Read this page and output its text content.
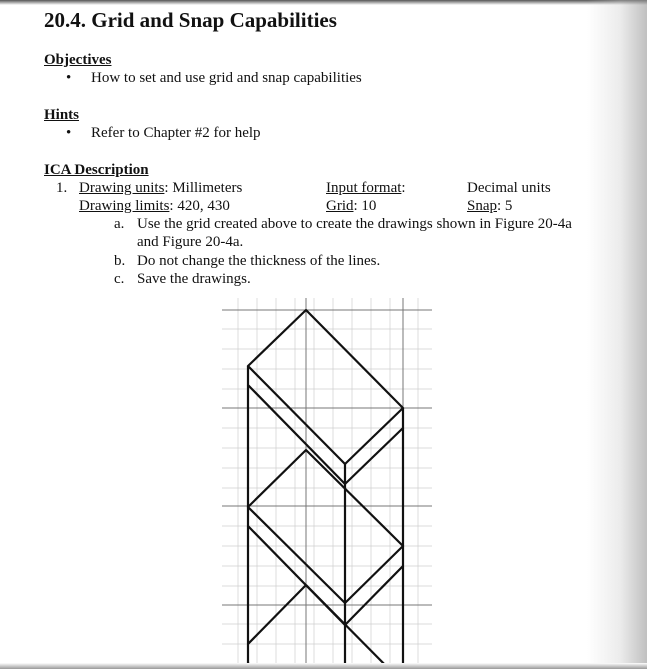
20.4. Grid and Snap Capabilities
Objectives
• How to set and use grid and snap capabilities
Hints
• Refer to Chapter #2 for help
ICA Description
1. Drawing units: Millimeters	Input format:	Decimal units
Drawing limits: 420, 430	Grid: 10	Snap: 5
a. Use the grid created above to create the drawings shown in Figure 20-4a
and Figure 20-4a.
b. Do not change the thickness of the lines.
c. Save the drawings.
